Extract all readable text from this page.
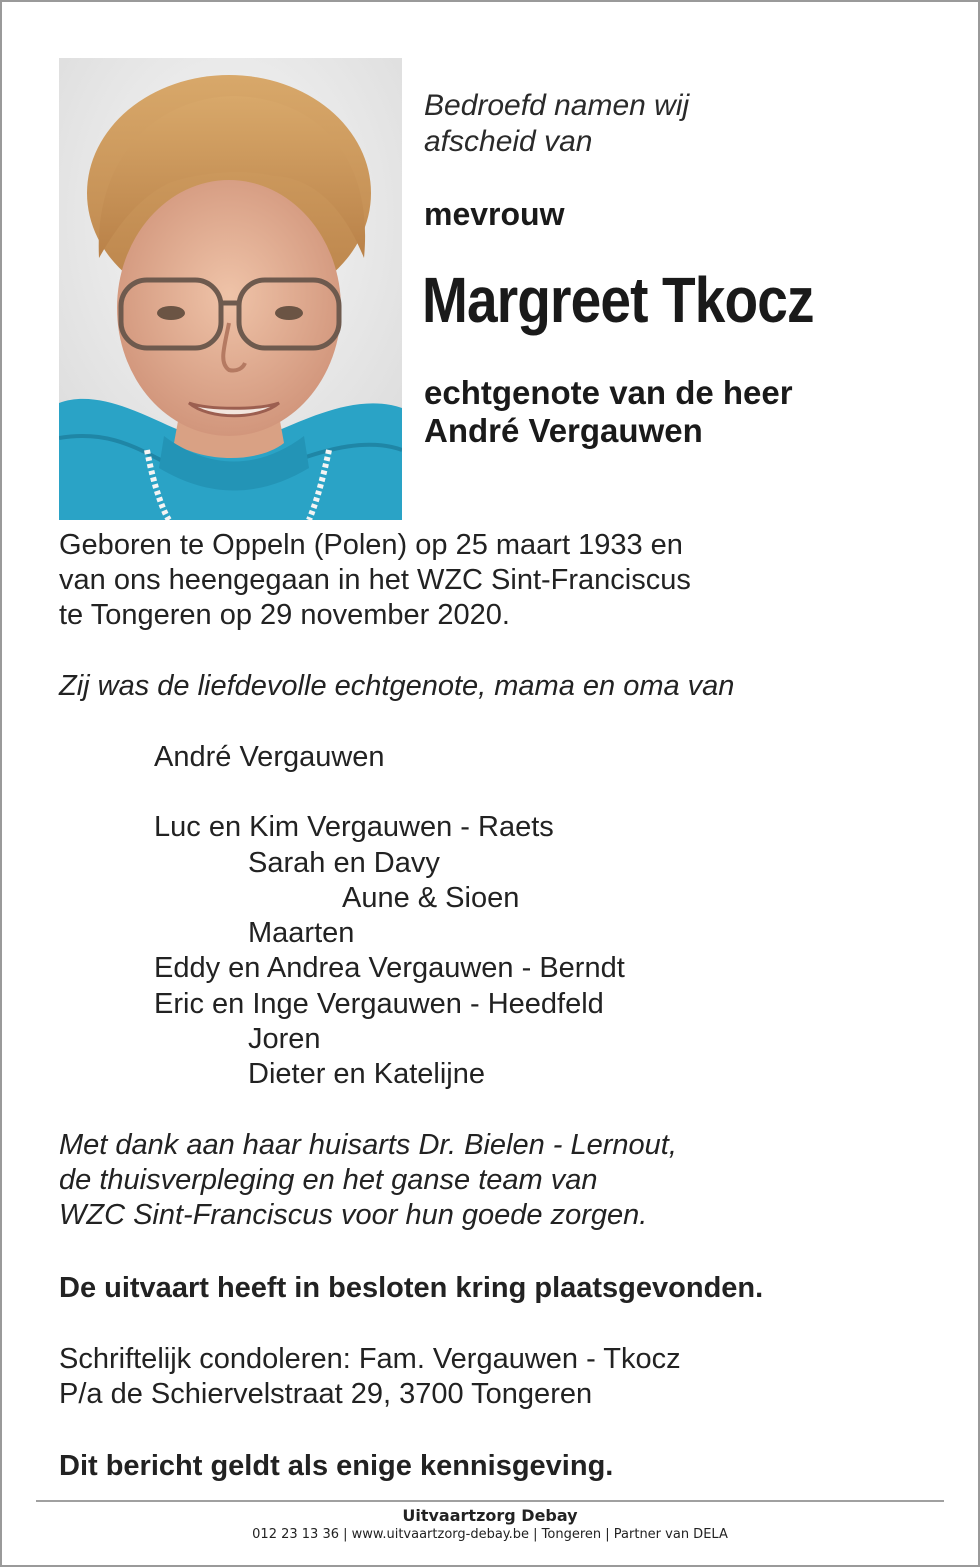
Bedroefd namen wij
afscheid van
mevrouw
Margreet Tkocz
echtgenote van de heer
André Vergauwen
Geboren te Oppeln (Polen) op 25 maart 1933 en
van ons heengegaan in het WZC Sint-Franciscus
te Tongeren op 29 november 2020.
Zij was de liefdevolle echtgenote, mama en oma van
André Vergauwen
Luc en Kim Vergauwen - Raets
Sarah en Davy
Aune & Sioen
Maarten
Eddy en Andrea Vergauwen - Berndt
Eric en Inge Vergauwen - Heedfeld
Joren
Dieter en Katelijne
Met dank aan haar huisarts Dr. Bielen - Lernout,
de thuisverpleging en het ganse team van
WZC Sint-Franciscus voor hun goede zorgen.
De uitvaart heeft in besloten kring plaatsgevonden.
Schriftelijk condoleren: Fam. Vergauwen - Tkocz
P/a de Schiervelstraat 29, 3700 Tongeren
Dit bericht geldt als enige kennisgeving.
Uitvaartzorg Debay
012 23 13 36 | www.uitvaartzorg-debay.be | Tongeren | Partner van DELA
